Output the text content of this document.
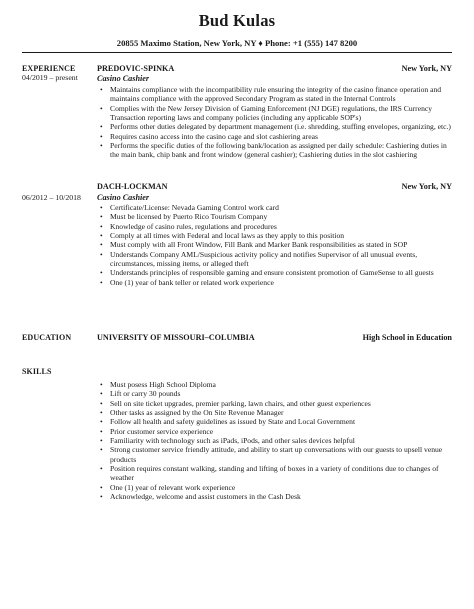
Bud Kulas
20855 Maximo Station, New York, NY ♦ Phone: +1 (555) 147 8200
EXPERIENCE
04/2019 – present
PREDOVIC-SPINKA	New York, NY
Casino Cashier
• Maintains compliance with the incompatibility rule ensuring the integrity of the casino finance operation and maintains compliance with the approved Secondary Program as stated in the Internal Controls
• Complies with the New Jersey Division of Gaming Enforcement (NJ DGE) regulations, the IRS Currency Transaction reporting laws and company policies (including any applicable SOP's)
• Performs other duties delegated by department management (i.e. shredding, stuffing envelopes, organizing, etc.)
• Requires casino access into the casino cage and slot cashiering areas
• Performs the specific duties of the following bank/location as assigned per daily schedule: Cashiering duties in the main bank, chip bank and front window (general cashier); Cashiering duties in the slot cashiering
06/2012 – 10/2018
DACH-LOCKMAN	New York, NY
Casino Cashier
• Certificate/License: Nevada Gaming Control work card
• Must be licensed by Puerto Rico Tourism Company
• Knowledge of casino rules, regulations and procedures
• Comply at all times with Federal and local laws as they apply to this position
• Must comply with all Front Window, Fill Bank and Marker Bank responsibilities as stated in SOP
• Understands Company AML/Suspicious activity policy and notifies Supervisor of all unusual events, circumstances, missing items, or alleged theft
• Understands principles of responsible gaming and ensure consistent promotion of GameSense to all guests
• One (1) year of bank teller or related work experience
EDUCATION	UNIVERSITY OF MISSOURI–COLUMBIA	High School in Education
SKILLS
• Must posess High School Diploma
• Lift or carry 30 pounds
• Sell on site ticket upgrades, premier parking, lawn chairs, and other guest experiences
• Other tasks as assigned by the On Site Revenue Manager
• Follow all health and safety guidelines as issued by State and Local Government
• Prior customer service experience
• Familiarity with technology such as iPads, iPods, and other sales devices helpful
• Strong customer service friendly attitude, and ability to start up conversations with our guests to upsell venue products
• Position requires constant walking, standing and lifting of boxes in a variety of conditions due to changes of weather
• One (1) year of relevant work experience
• Acknowledge, welcome and assist customers in the Cash Desk
